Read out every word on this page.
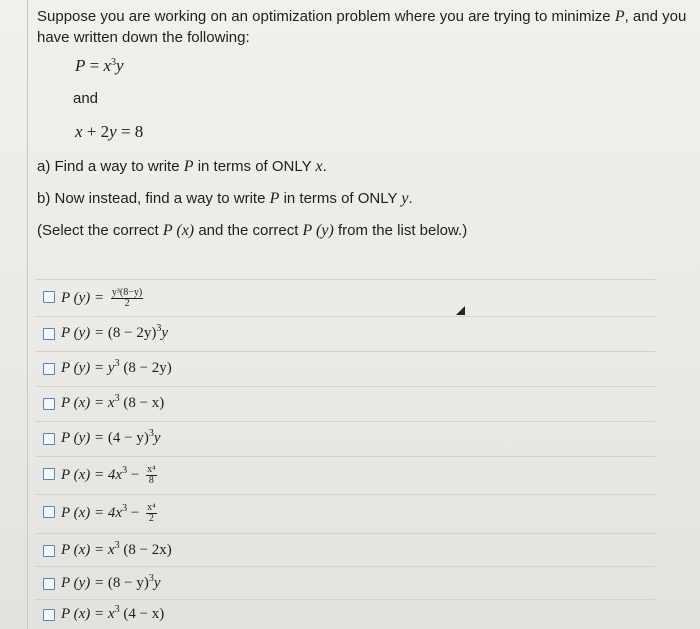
Suppose you are working on an optimization problem where you are trying to minimize P, and you
have written down the following:
$P = x^3y$
and
x + 2y = 8
a) Find a way to write P in terms of ONLY x.
b) Now instead, find a way to write P in terms of ONLY y.
(Select the correct P (x) and the correct P (y) from the list below.)
P $(y) = \frac{\text{y³(8−y)}}{2}$
P $(y) = (8 - 2y)^3y$
P $(y) = y^3$ (8 − 2y)
P $(x) = x^3$ (8 − x)
P $(y) = (4 - y)^3y$
P $(x) = 4x^3 - \frac{\text{x⁴}}{8}$
P $(x) = 4x^3 - \frac{\text{x⁴}}{2}$
P $(x) = x^3$ (8 − 2x)
P $(y) = (8 - y)^3y$
P $(x) = x^3$ (4 − x)
